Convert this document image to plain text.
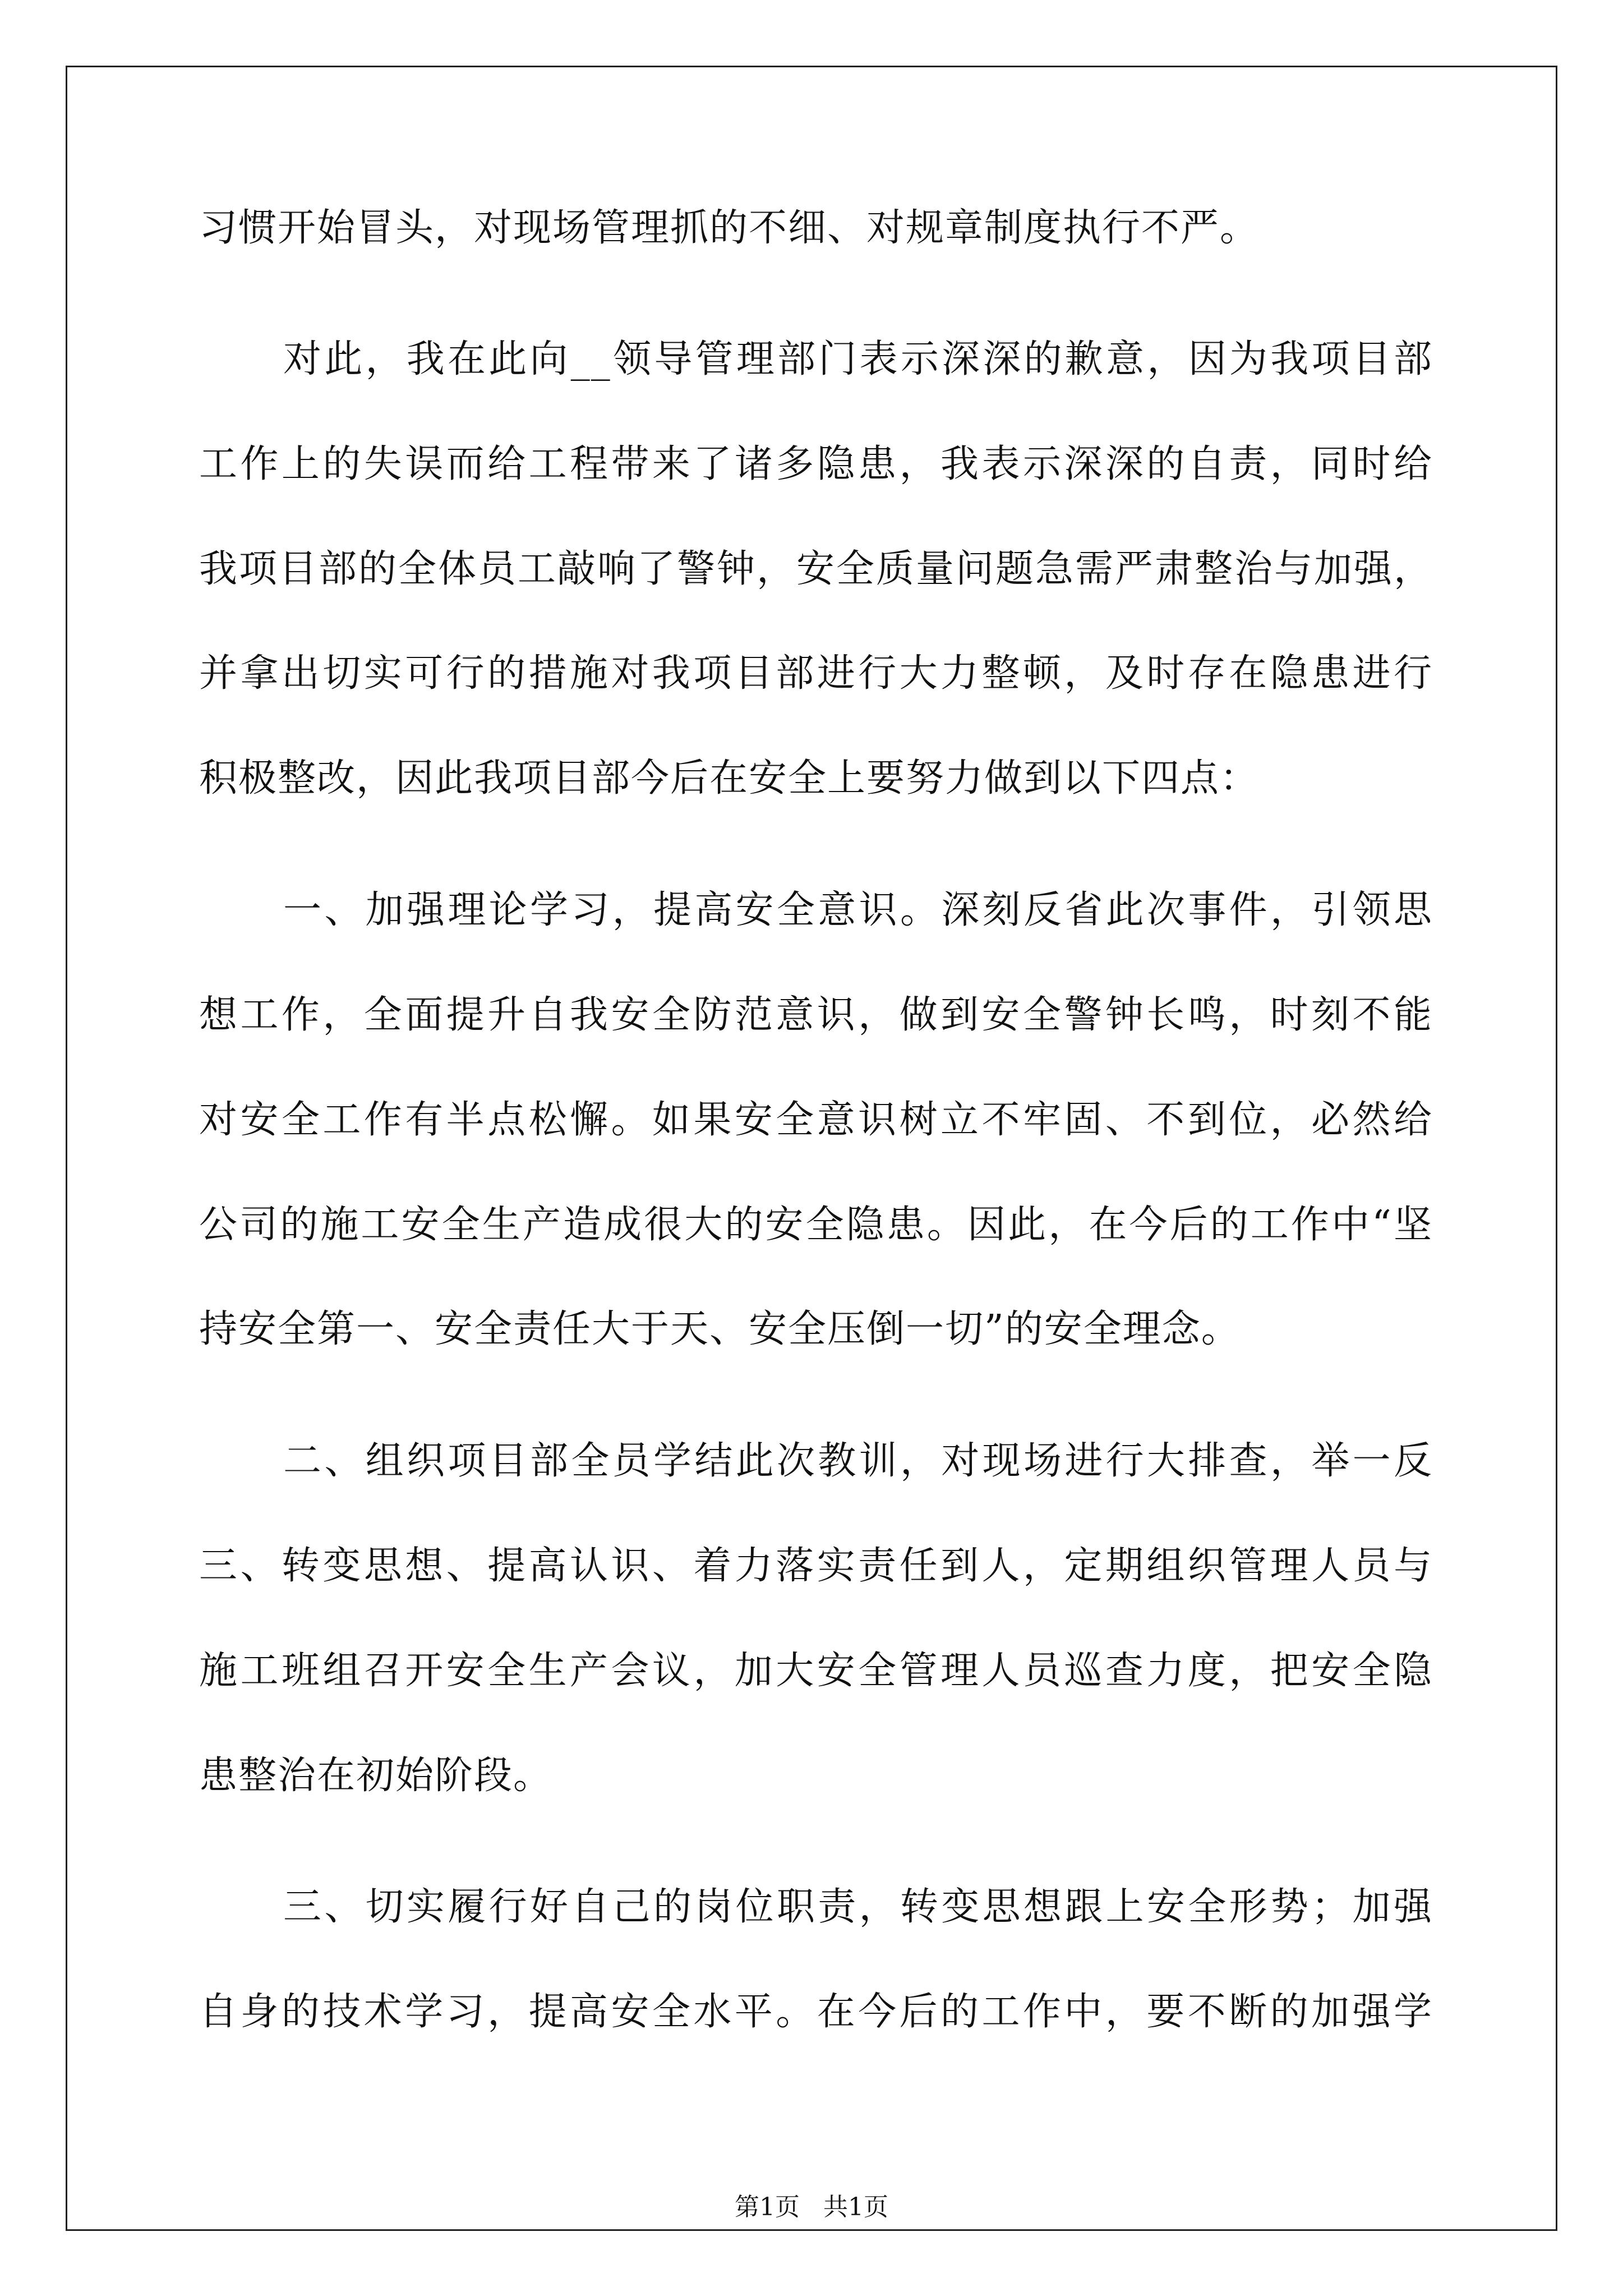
习惯开始冒头，对现场管理抓的不细、对规章制度执行不严。
对此，我在此向__领导管理部门表示深深的歉意，因为我项目部
工作上的失误而给工程带来了诸多隐患，我表示深深的自责，同时给
我项目部的全体员工敲响了警钟，安全质量问题急需严肃整治与加强，
并拿出切实可行的措施对我项目部进行大力整顿，及时存在隐患进行
积极整改，因此我项目部今后在安全上要努力做到以下四点：
一、加强理论学习，提高安全意识。深刻反省此次事件，引领思
想工作，全面提升自我安全防范意识，做到安全警钟长鸣，时刻不能
对安全工作有半点松懈。如果安全意识树立不牢固、不到位，必然给
公司的施工安全生产造成很大的安全隐患。因此，在今后的工作中“坚
持安全第一、安全责任大于天、安全压倒一切”的安全理念。
二、组织项目部全员学结此次教训，对现场进行大排查，举一反
三、转变思想、提高认识、着力落实责任到人，定期组织管理人员与
施工班组召开安全生产会议，加大安全管理人员巡查力度，把安全隐
患整治在初始阶段。
三、切实履行好自己的岗位职责，转变思想跟上安全形势；加强
自身的技术学习，提高安全水平。在今后的工作中，要不断的加强学
第1页   共1页
